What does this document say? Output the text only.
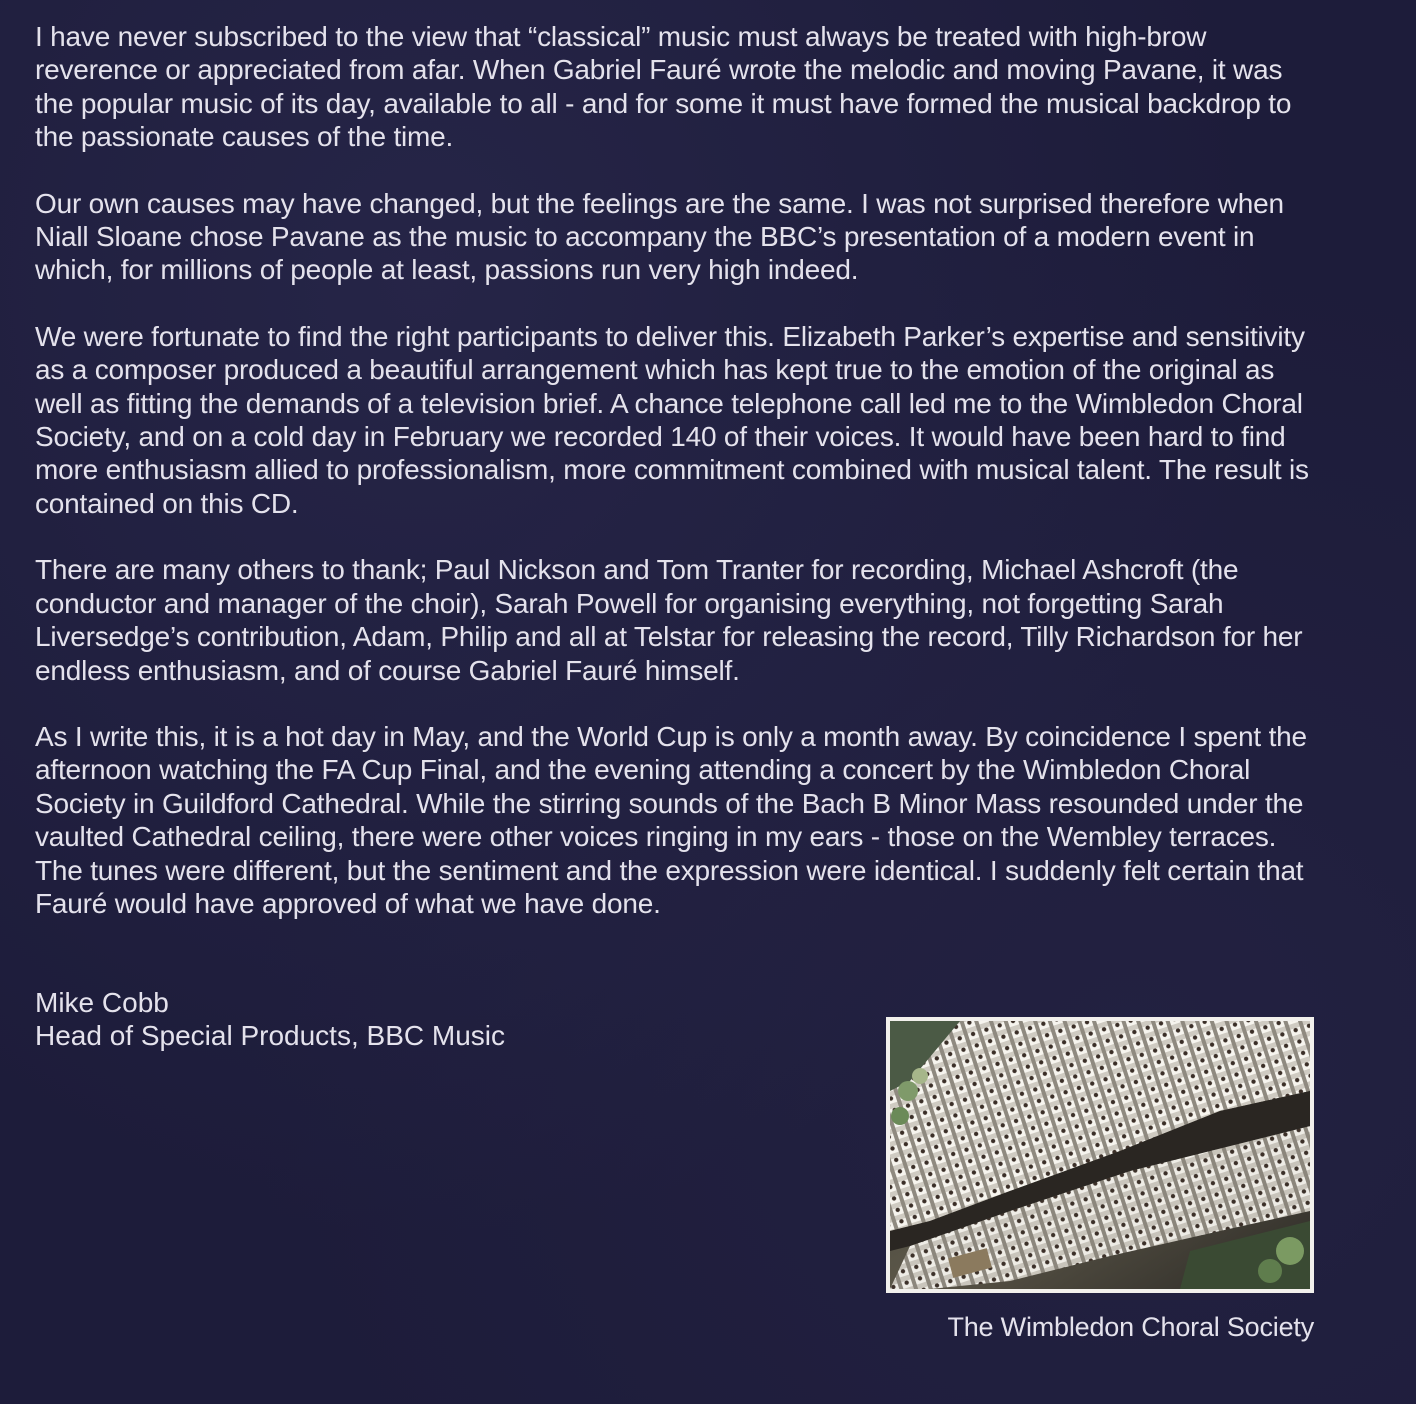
I have never subscribed to the view that “classical” music must always be treated with high-brow reverence or appreciated from afar. When Gabriel Fauré wrote the melodic and moving Pavane, it was the popular music of its day, available to all - and for some it must have formed the musical backdrop to the passionate causes of the time.

Our own causes may have changed, but the feelings are the same. I was not surprised therefore when Niall Sloane chose Pavane as the music to accompany the BBC’s presentation of a modern event in which, for millions of people at least, passions run very high indeed.

We were fortunate to find the right participants to deliver this. Elizabeth Parker’s expertise and sensitivity as a composer produced a beautiful arrangement which has kept true to the emotion of the original as well as fitting the demands of a television brief. A chance telephone call led me to the Wimbledon Choral Society, and on a cold day in February we recorded 140 of their voices. It would have been hard to find more enthusiasm allied to professionalism, more commitment combined with musical talent. The result is contained on this CD.

There are many others to thank; Paul Nickson and Tom Tranter for recording, Michael Ashcroft (the conductor and manager of the choir), Sarah Powell for organising everything, not forgetting Sarah Liversedge’s contribution, Adam, Philip and all at Telstar for releasing the record, Tilly Richardson for her endless enthusiasm, and of course Gabriel Fauré himself.

As I write this, it is a hot day in May, and the World Cup is only a month away. By coincidence I spent the afternoon watching the FA Cup Final, and the evening attending a concert by the Wimbledon Choral Society in Guildford Cathedral. While the stirring sounds of the Bach B Minor Mass resounded under the vaulted Cathedral ceiling, there were other voices ringing in my ears - those on the Wembley terraces. The tunes were different, but the sentiment and the expression were identical. I suddenly felt certain that Fauré would have approved of what we have done.

Mike Cobb
Head of Special Products, BBC Music
The Wimbledon Choral Society
